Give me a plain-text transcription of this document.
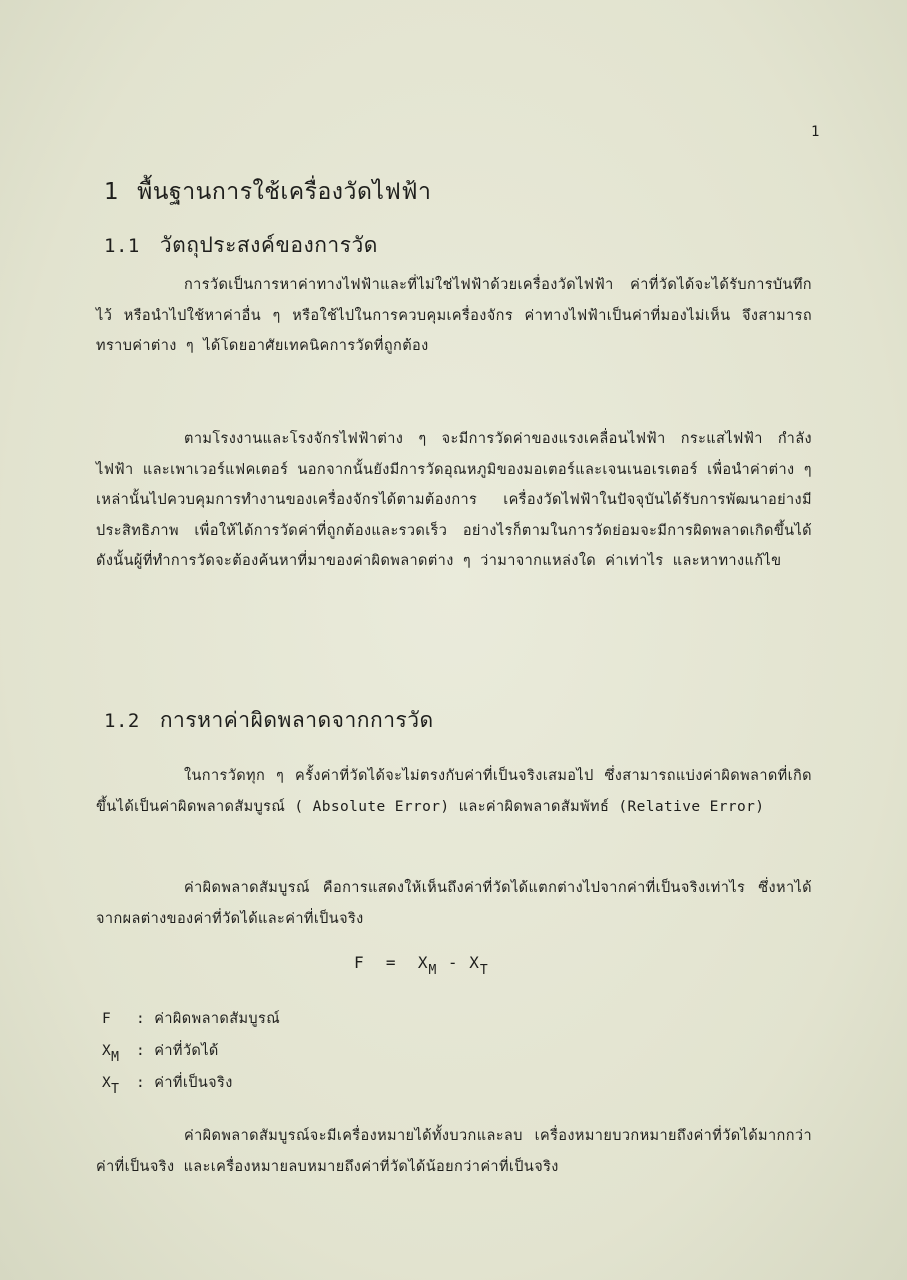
1
1 พื้นฐานการใช้เครื่องวัดไฟฟ้า
1.1 วัตถุประสงค์ของการวัด

การวัดเป็นการหาค่าทางไฟฟ้าและที่ไม่ใช่ไฟฟ้าด้วยเครื่องวัดไฟฟ้า ค่าที่วัดได้จะได้รับการบันทึกไว้ หรือนำไปใช้หาค่าอื่น ๆ หรือใช้ไปในการควบคุมเครื่องจักร ค่าทางไฟฟ้าเป็นค่าที่มองไม่เห็น จึงสามารถทราบค่าต่าง ๆ ได้โดยอาศัยเทคนิคการวัดที่ถูกต้อง

ตามโรงงานและโรงจักรไฟฟ้าต่าง ๆ จะมีการวัดค่าของแรงเคลื่อนไฟฟ้า กระแสไฟฟ้า กำลังไฟฟ้า และเพาเวอร์แฟคเตอร์ นอกจากนั้นยังมีการวัดอุณหภูมิของมอเตอร์และเจนเนอเรเตอร์ เพื่อนำค่าต่าง ๆ เหล่านั้นไปควบคุมการทำงานของเครื่องจักรได้ตามต้องการ เครื่องวัดไฟฟ้าในปัจจุบันได้รับการพัฒนาอย่างมีประสิทธิภาพ เพื่อให้ได้การวัดค่าที่ถูกต้องและรวดเร็ว อย่างไรก็ตามในการวัดย่อมจะมีการผิดพลาดเกิดขึ้นได้ ดังนั้นผู้ที่ทำการวัดจะต้องค้นหาที่มาของค่าผิดพลาดต่าง ๆ ว่ามาจากแหล่งใด ค่าเท่าไร และหาทางแก้ไข

1.2 การหาค่าผิดพลาดจากการวัด

ในการวัดทุก ๆ ครั้งค่าที่วัดได้จะไม่ตรงกับค่าที่เป็นจริงเสมอไป ซึ่งสามารถแบ่งค่าผิดพลาดที่เกิดขึ้นได้เป็นค่าผิดพลาดสัมบูรณ์ ( Absolute Error) และค่าผิดพลาดสัมพัทธ์ (Relative Error)

ค่าผิดพลาดสัมบูรณ์ คือการแสดงให้เห็นถึงค่าที่วัดได้แตกต่างไปจากค่าที่เป็นจริงเท่าไร ซึ่งหาได้จากผลต่างของค่าที่วัดได้และค่าที่เป็นจริง

$F = X_M - X_T$
F : ค่าผิดพลาดสัมบูรณ์
XM : ค่าที่วัดได้
XT : ค่าที่เป็นจริง

ค่าผิดพลาดสัมบูรณ์จะมีเครื่องหมายได้ทั้งบวกและลบ เครื่องหมายบวกหมายถึงค่าที่วัดได้มากกว่าค่าที่เป็นจริง และเครื่องหมายลบหมายถึงค่าที่วัดได้น้อยกว่าค่าที่เป็นจริง
